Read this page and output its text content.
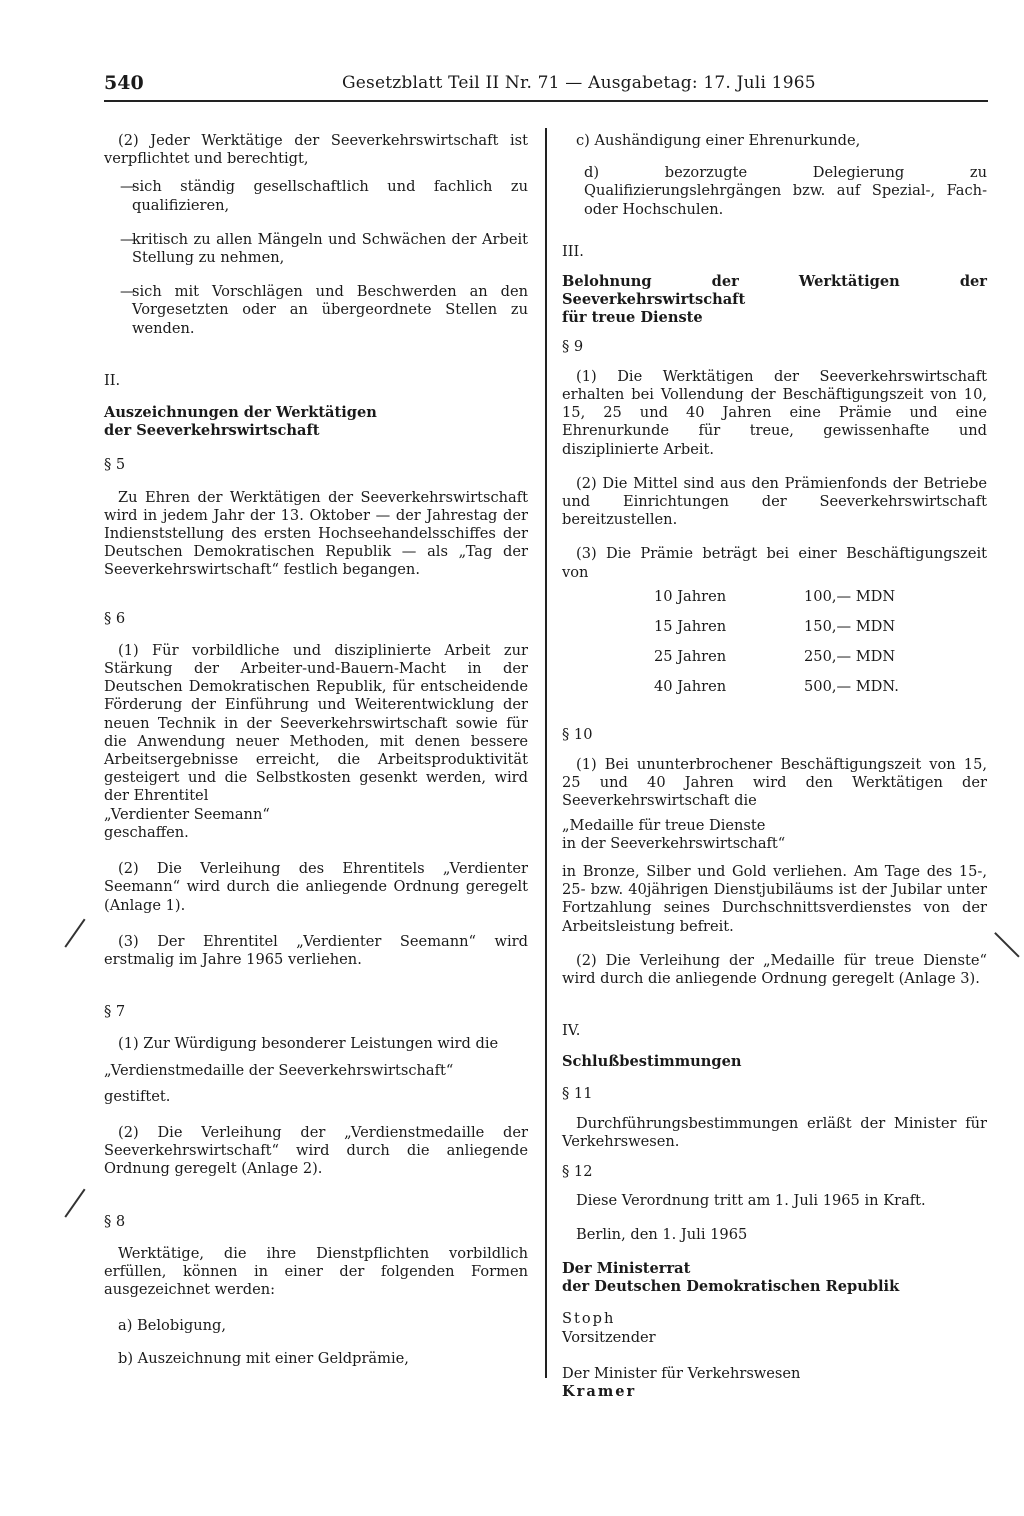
540	Gesetzblatt Teil II Nr. 71 — Ausgabetag: 17. Juli 1965

(2) Jeder Werktätige der Seeverkehrswirtschaft ist verpflichtet und berechtigt,

—
sich ständig gesellschaftlich und fachlich zu qualifizieren,
—
kritisch zu allen Mängeln und Schwächen der Arbeit Stellung zu nehmen,
—
sich mit Vorschlägen und Beschwerden an den Vorgesetzten oder an übergeordnete Stellen zu wenden.

II.

Auszeichnungen der Werktätigen

der Seeverkehrswirtschaft

§ 5

Zu Ehren der Werktätigen der Seeverkehrswirtschaft wird in jedem Jahr der 13. Oktober — der Jahrestag der Indienststellung des ersten Hochseehandelsschiffes der Deutschen Demokratischen Republik — als „Tag der Seeverkehrswirtschaft“ festlich begangen.

§ 6

(1) Für vorbildliche und disziplinierte Arbeit zur Stärkung der Arbeiter-und-Bauern-Macht in der Deutschen Demokratischen Republik, für entscheidende Förderung der Einführung und Weiterentwicklung der neuen Technik in der Seeverkehrswirtschaft sowie für die Anwendung neuer Methoden, mit denen bessere Arbeitsergebnisse erreicht, die Arbeitsproduktivität gesteigert und die Selbstkosten gesenkt werden, wird der Ehrentitel

„Verdienter Seemann“

geschaffen.

(2) Die Verleihung des Ehrentitels „Verdienter Seemann“ wird durch die anliegende Ordnung geregelt (Anlage 1).

(3) Der Ehrentitel „Verdienter Seemann“ wird erstmalig im Jahre 1965 verliehen.

§ 7

(1) Zur Würdigung besonderer Leistungen wird die

„Verdienstmedaille der Seeverkehrswirtschaft“

gestiftet.

(2) Die Verleihung der „Verdienstmedaille der Seeverkehrswirtschaft“ wird durch die anliegende Ordnung geregelt (Anlage 2).

§ 8

Werktätige, die ihre Dienstpflichten vorbildlich erfüllen, können in einer der folgenden Formen ausgezeichnet werden:

a) Belobigung,

b) Auszeichnung mit einer Geldprämie,

c) Aushändigung einer Ehrenurkunde,

d) bezorzugte Delegierung zu Qualifizierungslehrgängen bzw. auf Spezial-, Fach- oder Hochschulen.

III.

Belohnung der Werktätigen der Seeverkehrswirtschaft

für treue Dienste

§ 9

(1) Die Werktätigen der Seeverkehrswirtschaft erhalten bei Vollendung der Beschäftigungszeit von 10, 15, 25 und 40 Jahren eine Prämie und eine Ehrenurkunde für treue, gewissenhafte und disziplinierte Arbeit.

(2) Die Mittel sind aus den Prämienfonds der Betriebe und Einrichtungen der Seeverkehrswirtschaft bereitzustellen.

(3) Die Prämie beträgt bei einer Beschäftigungszeit von

10 Jahren	100,— MDN
15 Jahren	150,— MDN
25 Jahren	250,— MDN
40 Jahren	500,— MDN.

§ 10

(1) Bei ununterbrochener Beschäftigungszeit von 15, 25 und 40 Jahren wird den Werktätigen der Seeverkehrswirtschaft die

„Medaille für treue Dienste

in der Seeverkehrswirtschaft“

in Bronze, Silber und Gold verliehen. Am Tage des 15-, 25- bzw. 40jährigen Dienstjubiläums ist der Jubilar unter Fortzahlung seines Durchschnittsverdienstes von der Arbeitsleistung befreit.

(2) Die Verleihung der „Medaille für treue Dienste“ wird durch die anliegende Ordnung geregelt (Anlage 3).

IV.

Schlußbestimmungen

§ 11

Durchführungsbestimmungen erläßt der Minister für Verkehrswesen.

§ 12

Diese Verordnung tritt am 1. Juli 1965 in Kraft.

Berlin, den 1. Juli 1965

Der Ministerrat

der Deutschen Demokratischen Republik

Stoph

Vorsitzender

Der Minister für Verkehrswesen

Kramer
